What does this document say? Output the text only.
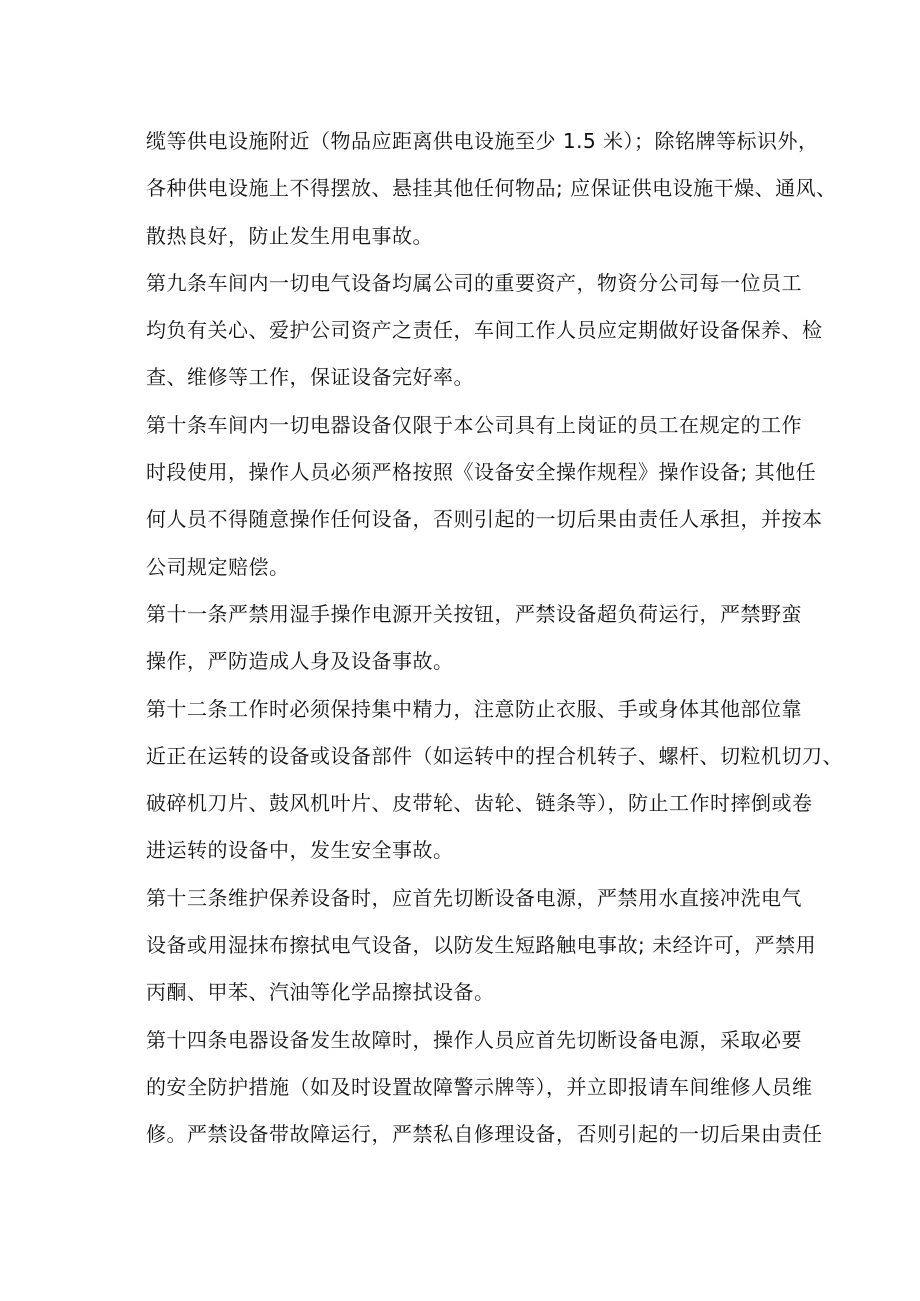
缆等供电设施附近（物品应距离供电设施至少 1.5 米）；除铭牌等标识外，
各种供电设施上不得摆放、悬挂其他任何物品; 应保证供电设施干燥、通风、
散热良好，防止发生用电事故。
第九条车间内一切电气设备均属公司的重要资产，物资分公司每一位员工
均负有关心、爱护公司资产之责任，车间工作人员应定期做好设备保养、检
查、维修等工作，保证设备完好率。
第十条车间内一切电器设备仅限于本公司具有上岗证的员工在规定的工作
时段使用，操作人员必须严格按照《设备安全操作规程》操作设备; 其他任
何人员不得随意操作任何设备，否则引起的一切后果由责任人承担，并按本
公司规定赔偿。
第十一条严禁用湿手操作电源开关按钮，严禁设备超负荷运行，严禁野蛮
操作，严防造成人身及设备事故。
第十二条工作时必须保持集中精力，注意防止衣服、手或身体其他部位靠
近正在运转的设备或设备部件（如运转中的捏合机转子、螺杆、切粒机切刀、
破碎机刀片、鼓风机叶片、皮带轮、齿轮、链条等），防止工作时摔倒或卷
进运转的设备中，发生安全事故。
第十三条维护保养设备时，应首先切断设备电源，严禁用水直接冲洗电气
设备或用湿抹布擦拭电气设备，以防发生短路触电事故; 未经许可，严禁用
丙酮、甲苯、汽油等化学品擦拭设备。
第十四条电器设备发生故障时，操作人员应首先切断设备电源，采取必要
的安全防护措施（如及时设置故障警示牌等），并立即报请车间维修人员维
修。严禁设备带故障运行，严禁私自修理设备，否则引起的一切后果由责任
